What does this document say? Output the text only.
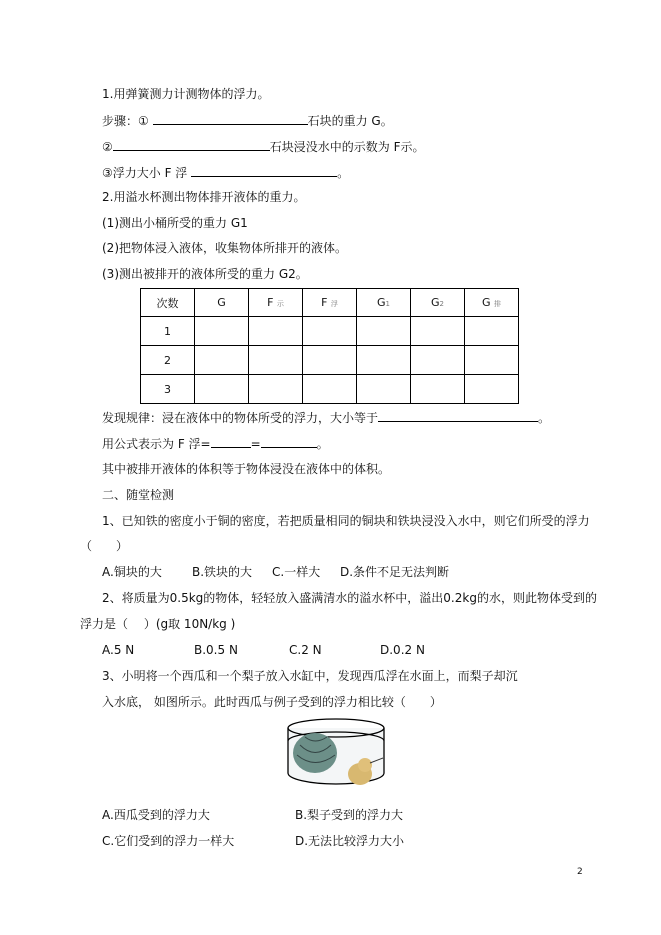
1.用弹簧测力计测物体的浮力。
步骤：①	石块的重力 G。
②	石块浸没水中的示数为 F示。
③浮力大小 F 浮	。
2.用溢水杯测出物体排开液体的重力。
(1)测出小桶所受的重力 G1
(2)把物体浸入液体，收集物体所排开的液体。
(3)测出被排开的液体所受的重力 G2。
次数	G	F 示	F 浮	G1	G2	G 排
1						
2						
3						
发现规律：浸在液体中的物体所受的浮力，大小等于	。
用公式表示为 F 浮=	=	。
其中被排开液体的体积等于物体浸没在液体中的体积。
二、随堂检测
1、已知铁的密度小于铜的密度，若把质量相同的铜块和铁块浸没入水中，则它们所受的浮力
（　　）
A.铜块的大	B.铁块的大 C.一样大 D.条件不足无法判断
2、将质量为0.5kg的物体，轻轻放入盛满清水的溢水杯中，溢出0.2kg的水，则此物体受到的
浮力是（　 ）(g取 10N/kg )
A.5 N	B.0.5 N	C.2 N	D.0.2 N
3、小明将一个西瓜和一个梨子放入水缸中，发现西瓜浮在水面上，而梨子却沉
入水底， 如图所示。此时西瓜与例子受到的浮力相比较（　　）
A.西瓜受到的浮力大	B.梨子受到的浮力大
C.它们受到的浮力一样大	D.无法比较浮力大小
2
